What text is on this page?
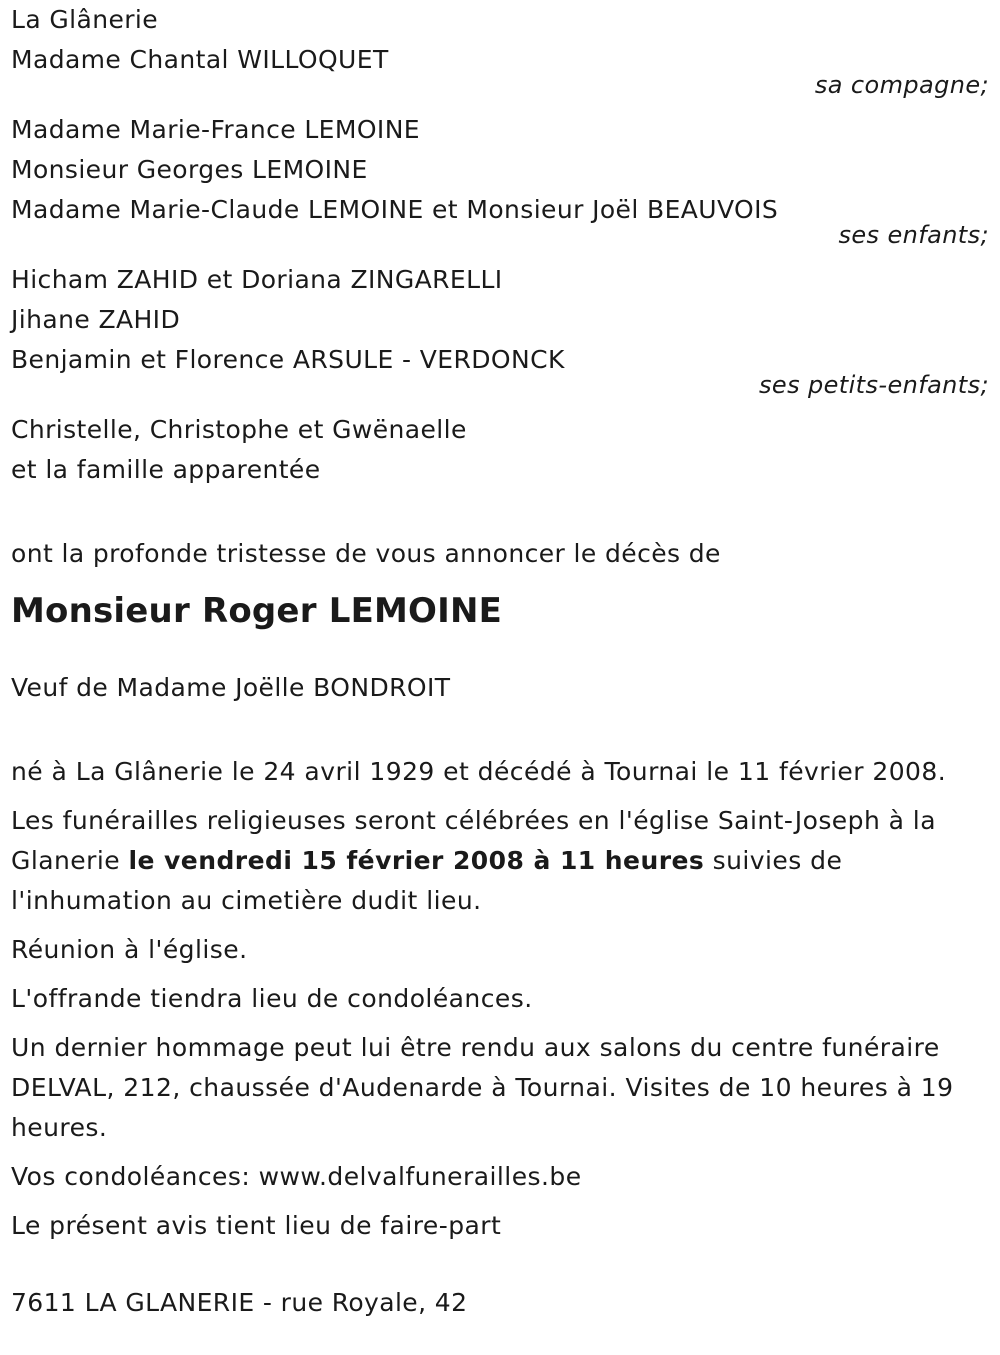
La Glânerie
Madame Chantal WILLOQUET
sa compagne;
Madame Marie-France LEMOINE
Monsieur Georges LEMOINE
Madame Marie-Claude LEMOINE et Monsieur Joël BEAUVOIS
ses enfants;
Hicham ZAHID et Doriana ZINGARELLI
Jihane ZAHID
Benjamin et Florence ARSULE - VERDONCK
ses petits-enfants;
Christelle, Christophe et Gwënaelle
et la famille apparentée
ont la profonde tristesse de vous annoncer le décès de
Monsieur Roger LEMOINE
Veuf de Madame Joëlle BONDROIT
né à La Glânerie le 24 avril 1929 et décédé à Tournai le 11 février 2008.
Les funérailles religieuses seront célébrées en l'église Saint-Joseph à la Glanerie le vendredi 15 février 2008 à 11 heures suivies de l'inhumation au cimetière dudit lieu.
Réunion à l'église.
L'offrande tiendra lieu de condoléances.
Un dernier hommage peut lui être rendu aux salons du centre funéraire DELVAL, 212, chaussée d'Audenarde à Tournai. Visites de 10 heures à 19 heures.
Vos condoléances: www.delvalfunerailles.be
Le présent avis tient lieu de faire-part
7611 LA GLANERIE - rue Royale, 42
